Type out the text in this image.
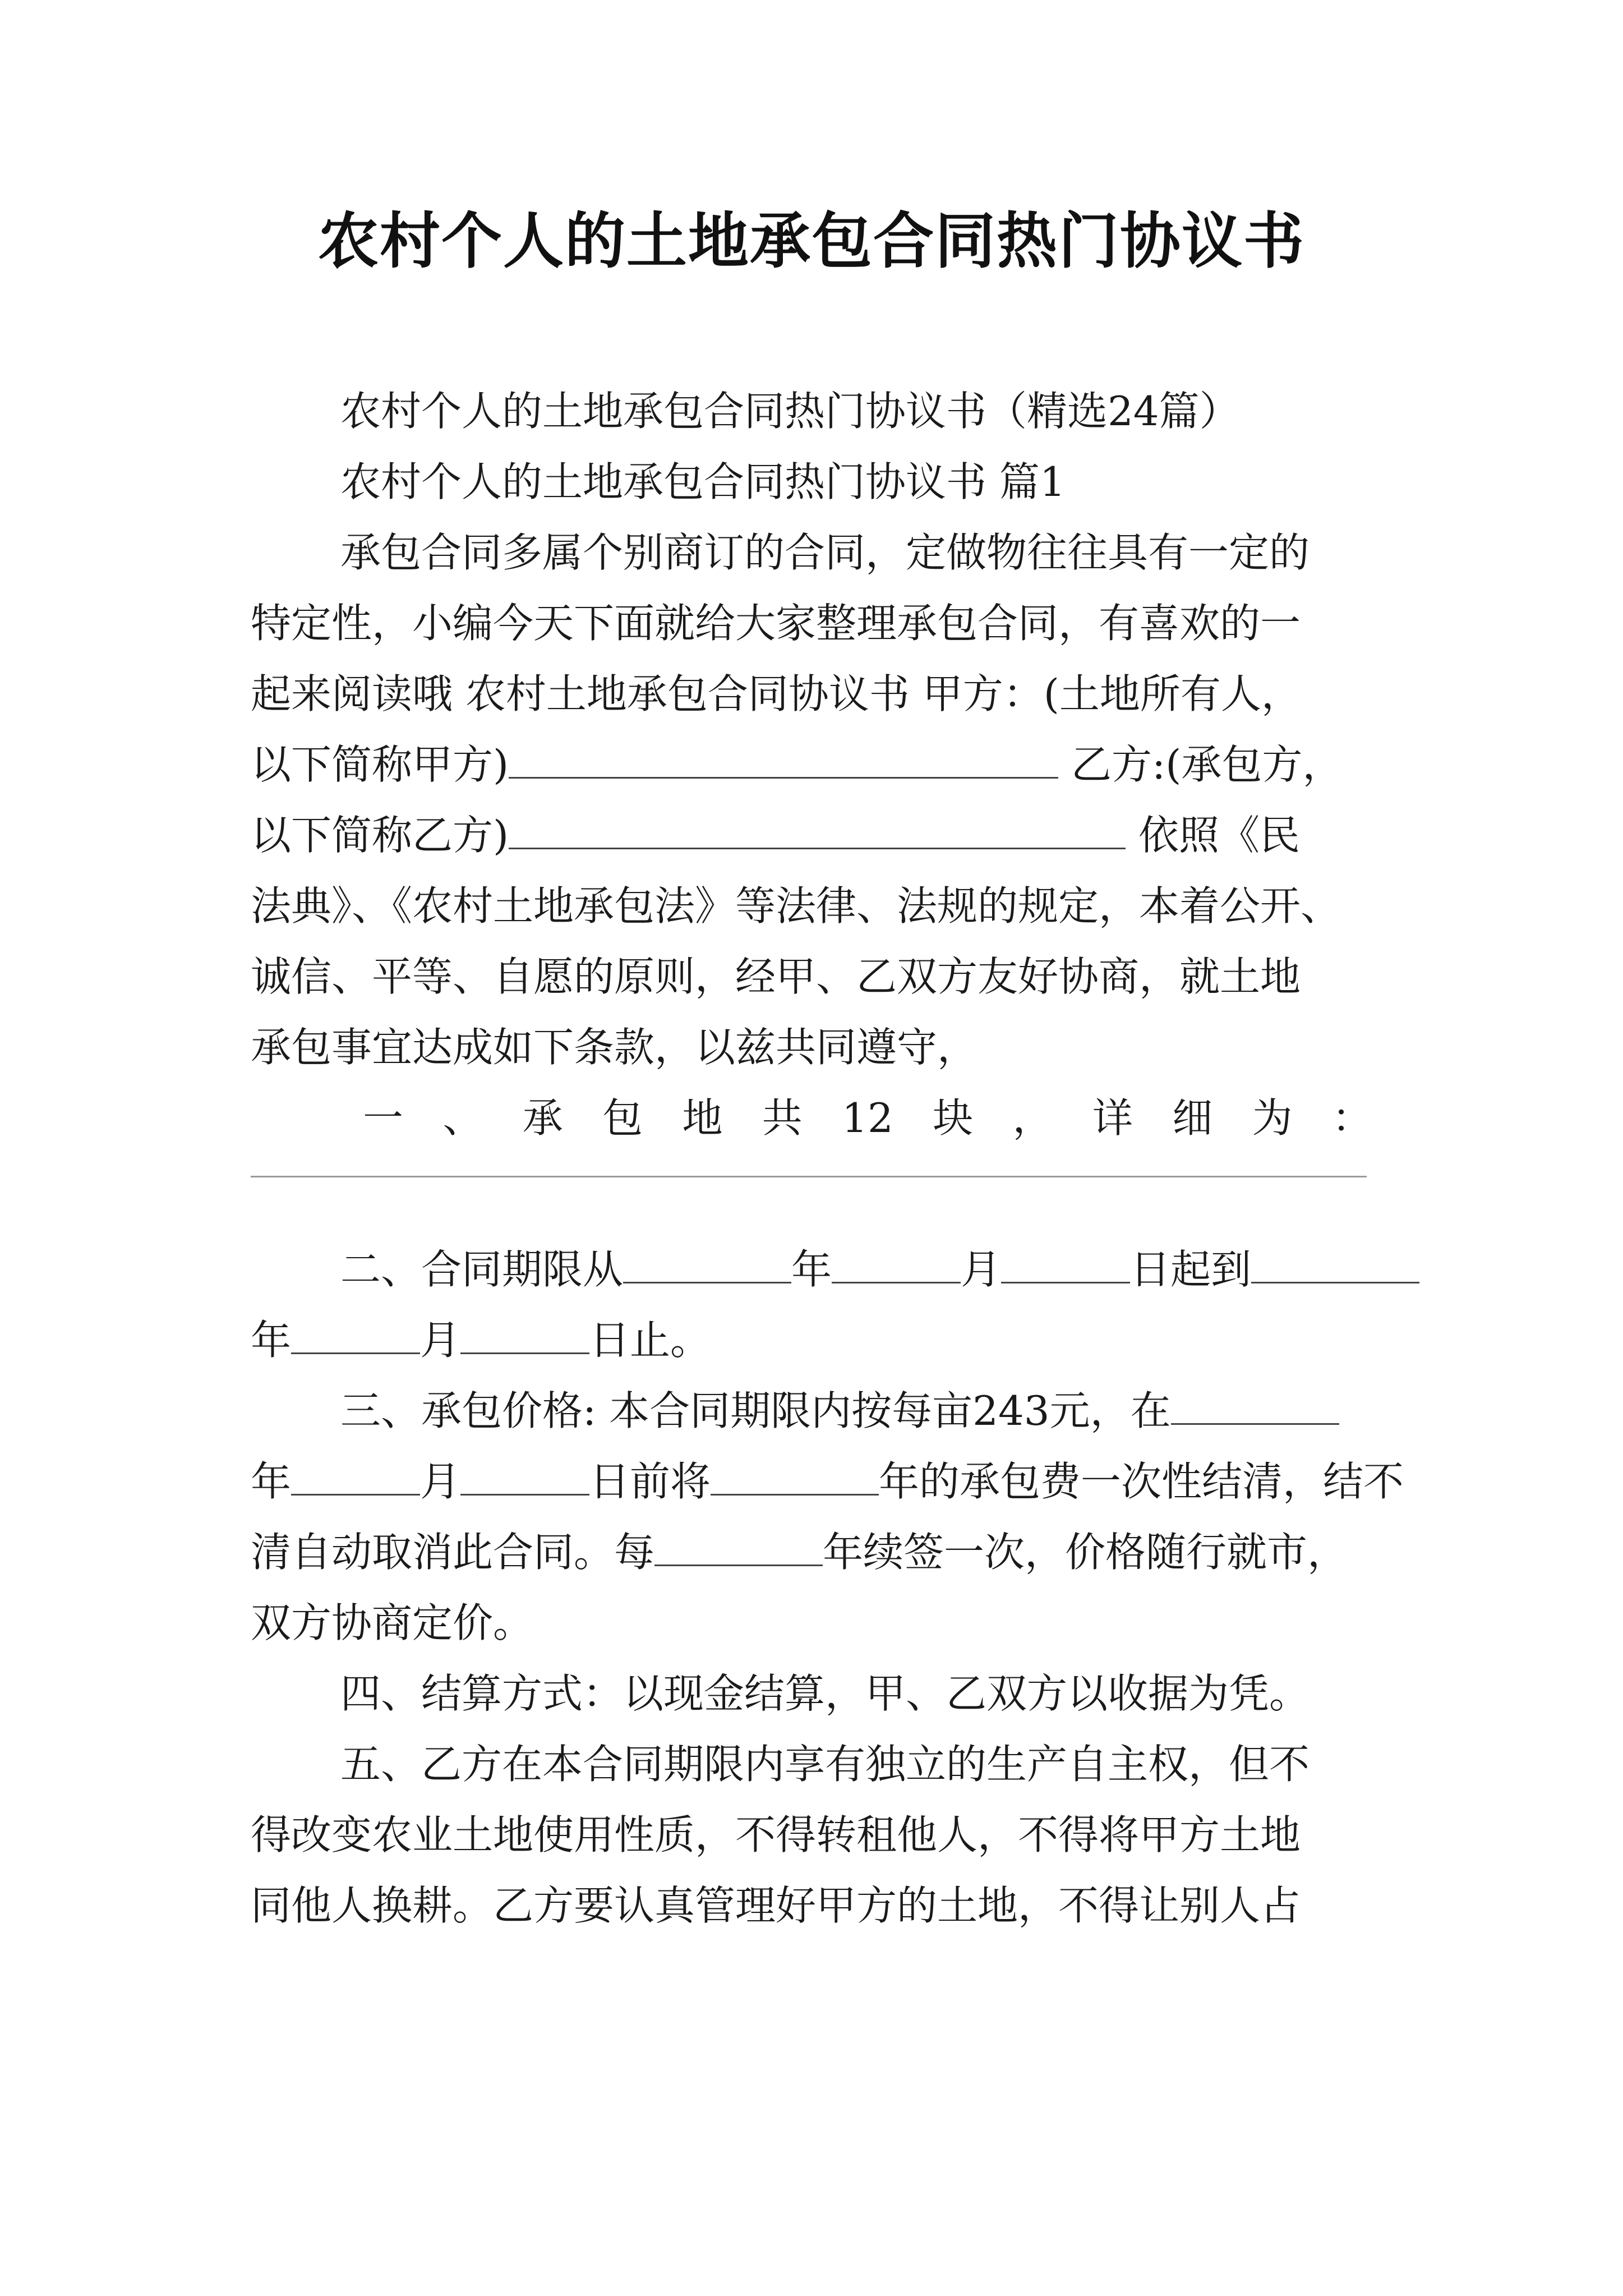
农村个人的土地承包合同热门协议书
农村个人的土地承包合同热门协议书（精选24篇）
农村个人的土地承包合同热门协议书 篇1
承包合同多属个别商订的合同，定做物往往具有一定的
特定性，小编今天下面就给大家整理承包合同，有喜欢的一
起来阅读哦 农村土地承包合同协议书 甲方：(土地所有人，
以下简称甲方)	乙方:(承包方，
以下简称乙方)	依照《民
法典》、《农村土地承包法》等法律、法规的规定，本着公开、
诚信、平等、自愿的原则，经甲、乙双方友好协商，就土地
承包事宜达成如下条款，以兹共同遵守，
一 、 承 包 地 共 12 块 ， 详 细 为 ：
二、合同期限从	年	月	日起到
年	月	日止。
三、承包价格: 本合同期限内按每亩243元，在
年	月	日前将	年的承包费一次性结清，结不
清自动取消此合同。每	年续签一次，价格随行就市，
双方协商定价。
四、结算方式：以现金结算，甲、乙双方以收据为凭。
五、乙方在本合同期限内享有独立的生产自主权，但不
得改变农业土地使用性质，不得转租他人，不得将甲方土地
同他人换耕。乙方要认真管理好甲方的土地，不得让别人占
